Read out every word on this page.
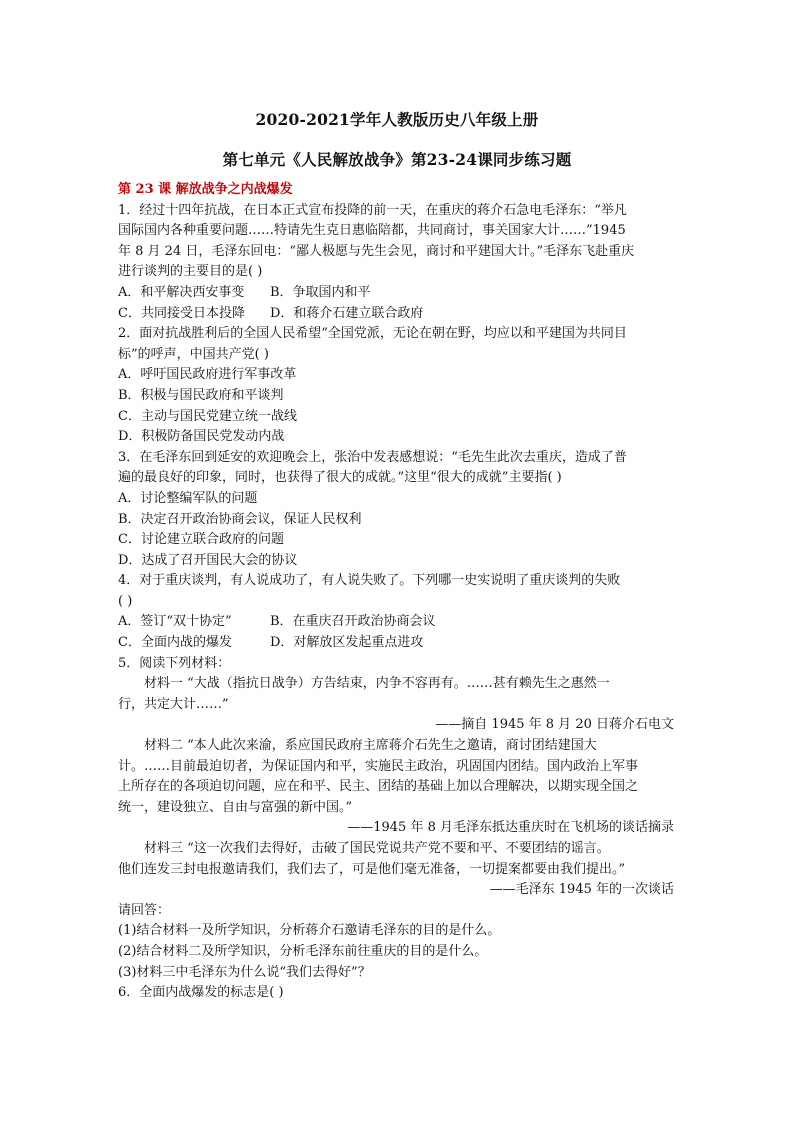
2020-2021学年人教版历史八年级上册
第七单元《人民解放战争》第23-24课同步练习题
第 23 课 解放战争之内战爆发
1．经过十四年抗战，在日本正式宣布投降的前一天，在重庆的蒋介石急电毛泽东：“举凡
国际国内各种重要问题……特请先生克日惠临陪都，共同商讨，事关国家大计……”1945
年 8 月 24 日，毛泽东回电：“鄙人极愿与先生会见，商讨和平建国大计。”毛泽东飞赴重庆
进行谈判的主要目的是( )
A．和平解决西安事变 B．争取国内和平
C．共同接受日本投降 D．和蒋介石建立联合政府
2．面对抗战胜利后的全国人民希望“全国党派，无论在朝在野，均应以和平建国为共同目
标”的呼声，中国共产党( )
A．呼吁国民政府进行军事改革
B．积极与国民政府和平谈判
C．主动与国民党建立统一战线
D．积极防备国民党发动内战
3．在毛泽东回到延安的欢迎晚会上，张治中发表感想说：“毛先生此次去重庆，造成了普
遍的最良好的印象，同时，也获得了很大的成就。”这里“很大的成就”主要指( )
A．讨论整编军队的问题
B．决定召开政治协商会议，保证人民权利
C．讨论建立联合政府的问题
D．达成了召开国民大会的协议
4．对于重庆谈判，有人说成功了，有人说失败了。下列哪一史实说明了重庆谈判的失败
( )
A．签订“双十协定”	B．在重庆召开政治协商会议
C．全面内战的爆发	D．对解放区发起重点进攻
5．阅读下列材料：
材料一 “大战（指抗日战争）方告结束，内争不容再有。……甚有赖先生之惠然一
行，共定大计……”
——摘自 1945 年 8 月 20 日蒋介石电文
材料二 “本人此次来渝，系应国民政府主席蒋介石先生之邀请，商讨团结建国大
计。……目前最迫切者，为保证国内和平，实施民主政治，巩固国内团结。国内政治上军事
上所存在的各项迫切问题，应在和平、民主、团结的基础上加以合理解决，以期实现全国之
统一，建设独立、自由与富强的新中国。”
——1945 年 8 月毛泽东抵达重庆时在飞机场的谈话摘录
材料三 “这一次我们去得好，击破了国民党说共产党不要和平、不要团结的谣言。
他们连发三封电报邀请我们，我们去了，可是他们毫无准备，一切提案都要由我们提出。”
——毛泽东 1945 年的一次谈话
请回答：
(1)结合材料一及所学知识，分析蒋介石邀请毛泽东的目的是什么。
(2)结合材料二及所学知识，分析毛泽东前往重庆的目的是什么。
(3)材料三中毛泽东为什么说“我们去得好”？
6．全面内战爆发的标志是( )
